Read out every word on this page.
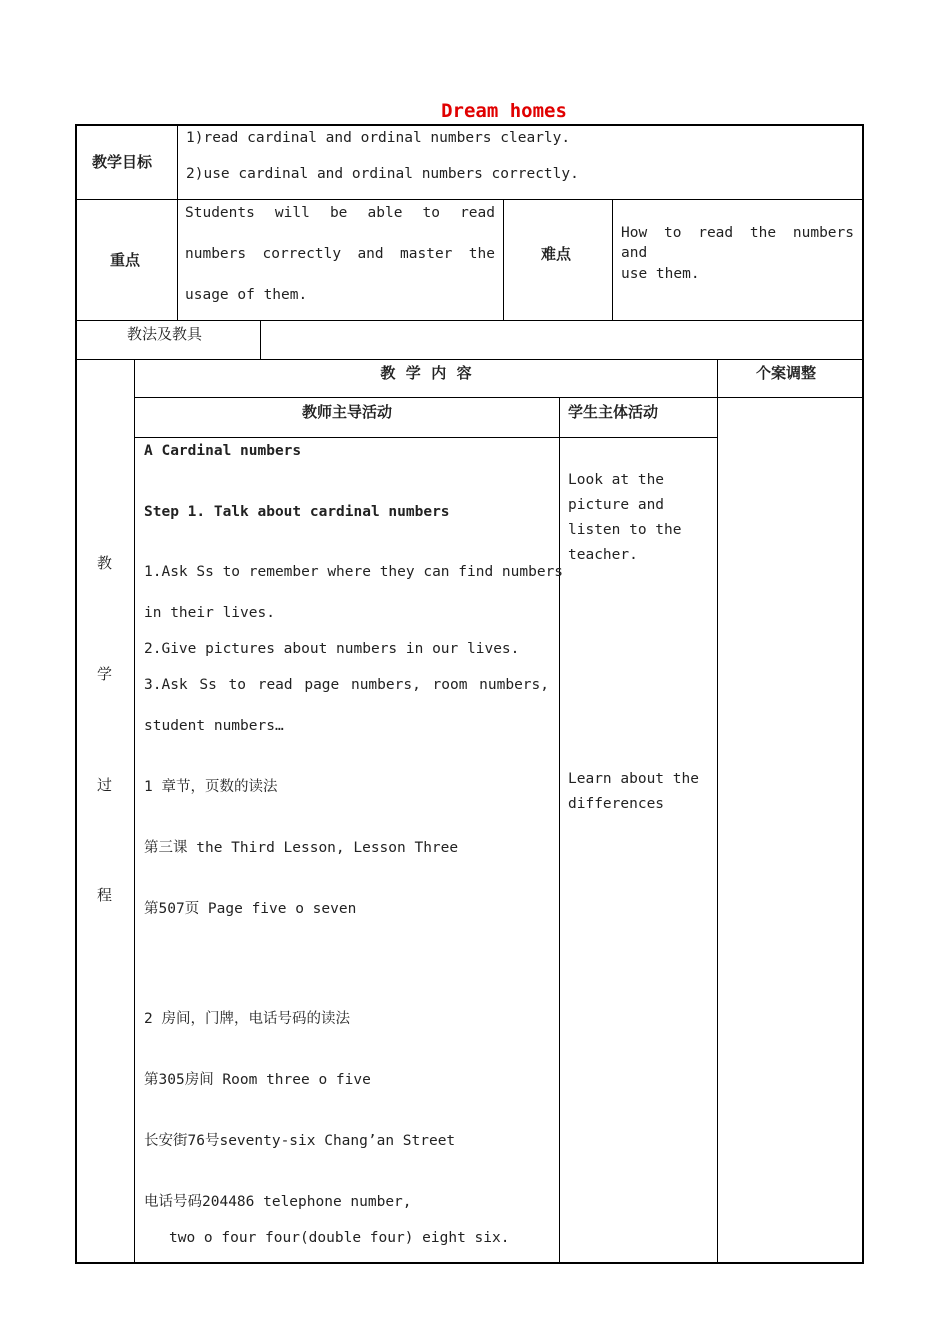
Dream homes
教学目标
1)read cardinal and ordinal numbers clearly.
2)use cardinal and ordinal numbers correctly.
重点
Students will be able to read
numbers correctly and master the
usage of them.
难点
How to read the numbers and
use them.
教法及教具
教
学
过
程
教  学  内  容	个案调整
教师主导活动	学生主体活动
A Cardinal numbers
Step 1. Talk about cardinal numbers
1.Ask Ss to remember where they can find numbers
in their lives.
2.Give pictures about numbers in our lives.
3.Ask Ss to read page numbers, room numbers,
student numbers…
1 章节，页数的读法
第三课 the Third Lesson, Lesson Three
第507页 Page five o seven
2 房间，门牌，电话号码的读法
第305房间 Room three o five
长安街76号seventy-six Chang’an Street
电话号码204486 telephone number,
two o four four(double four) eight six.
Look at the
picture and
listen to the
teacher.
Learn about the
differences
